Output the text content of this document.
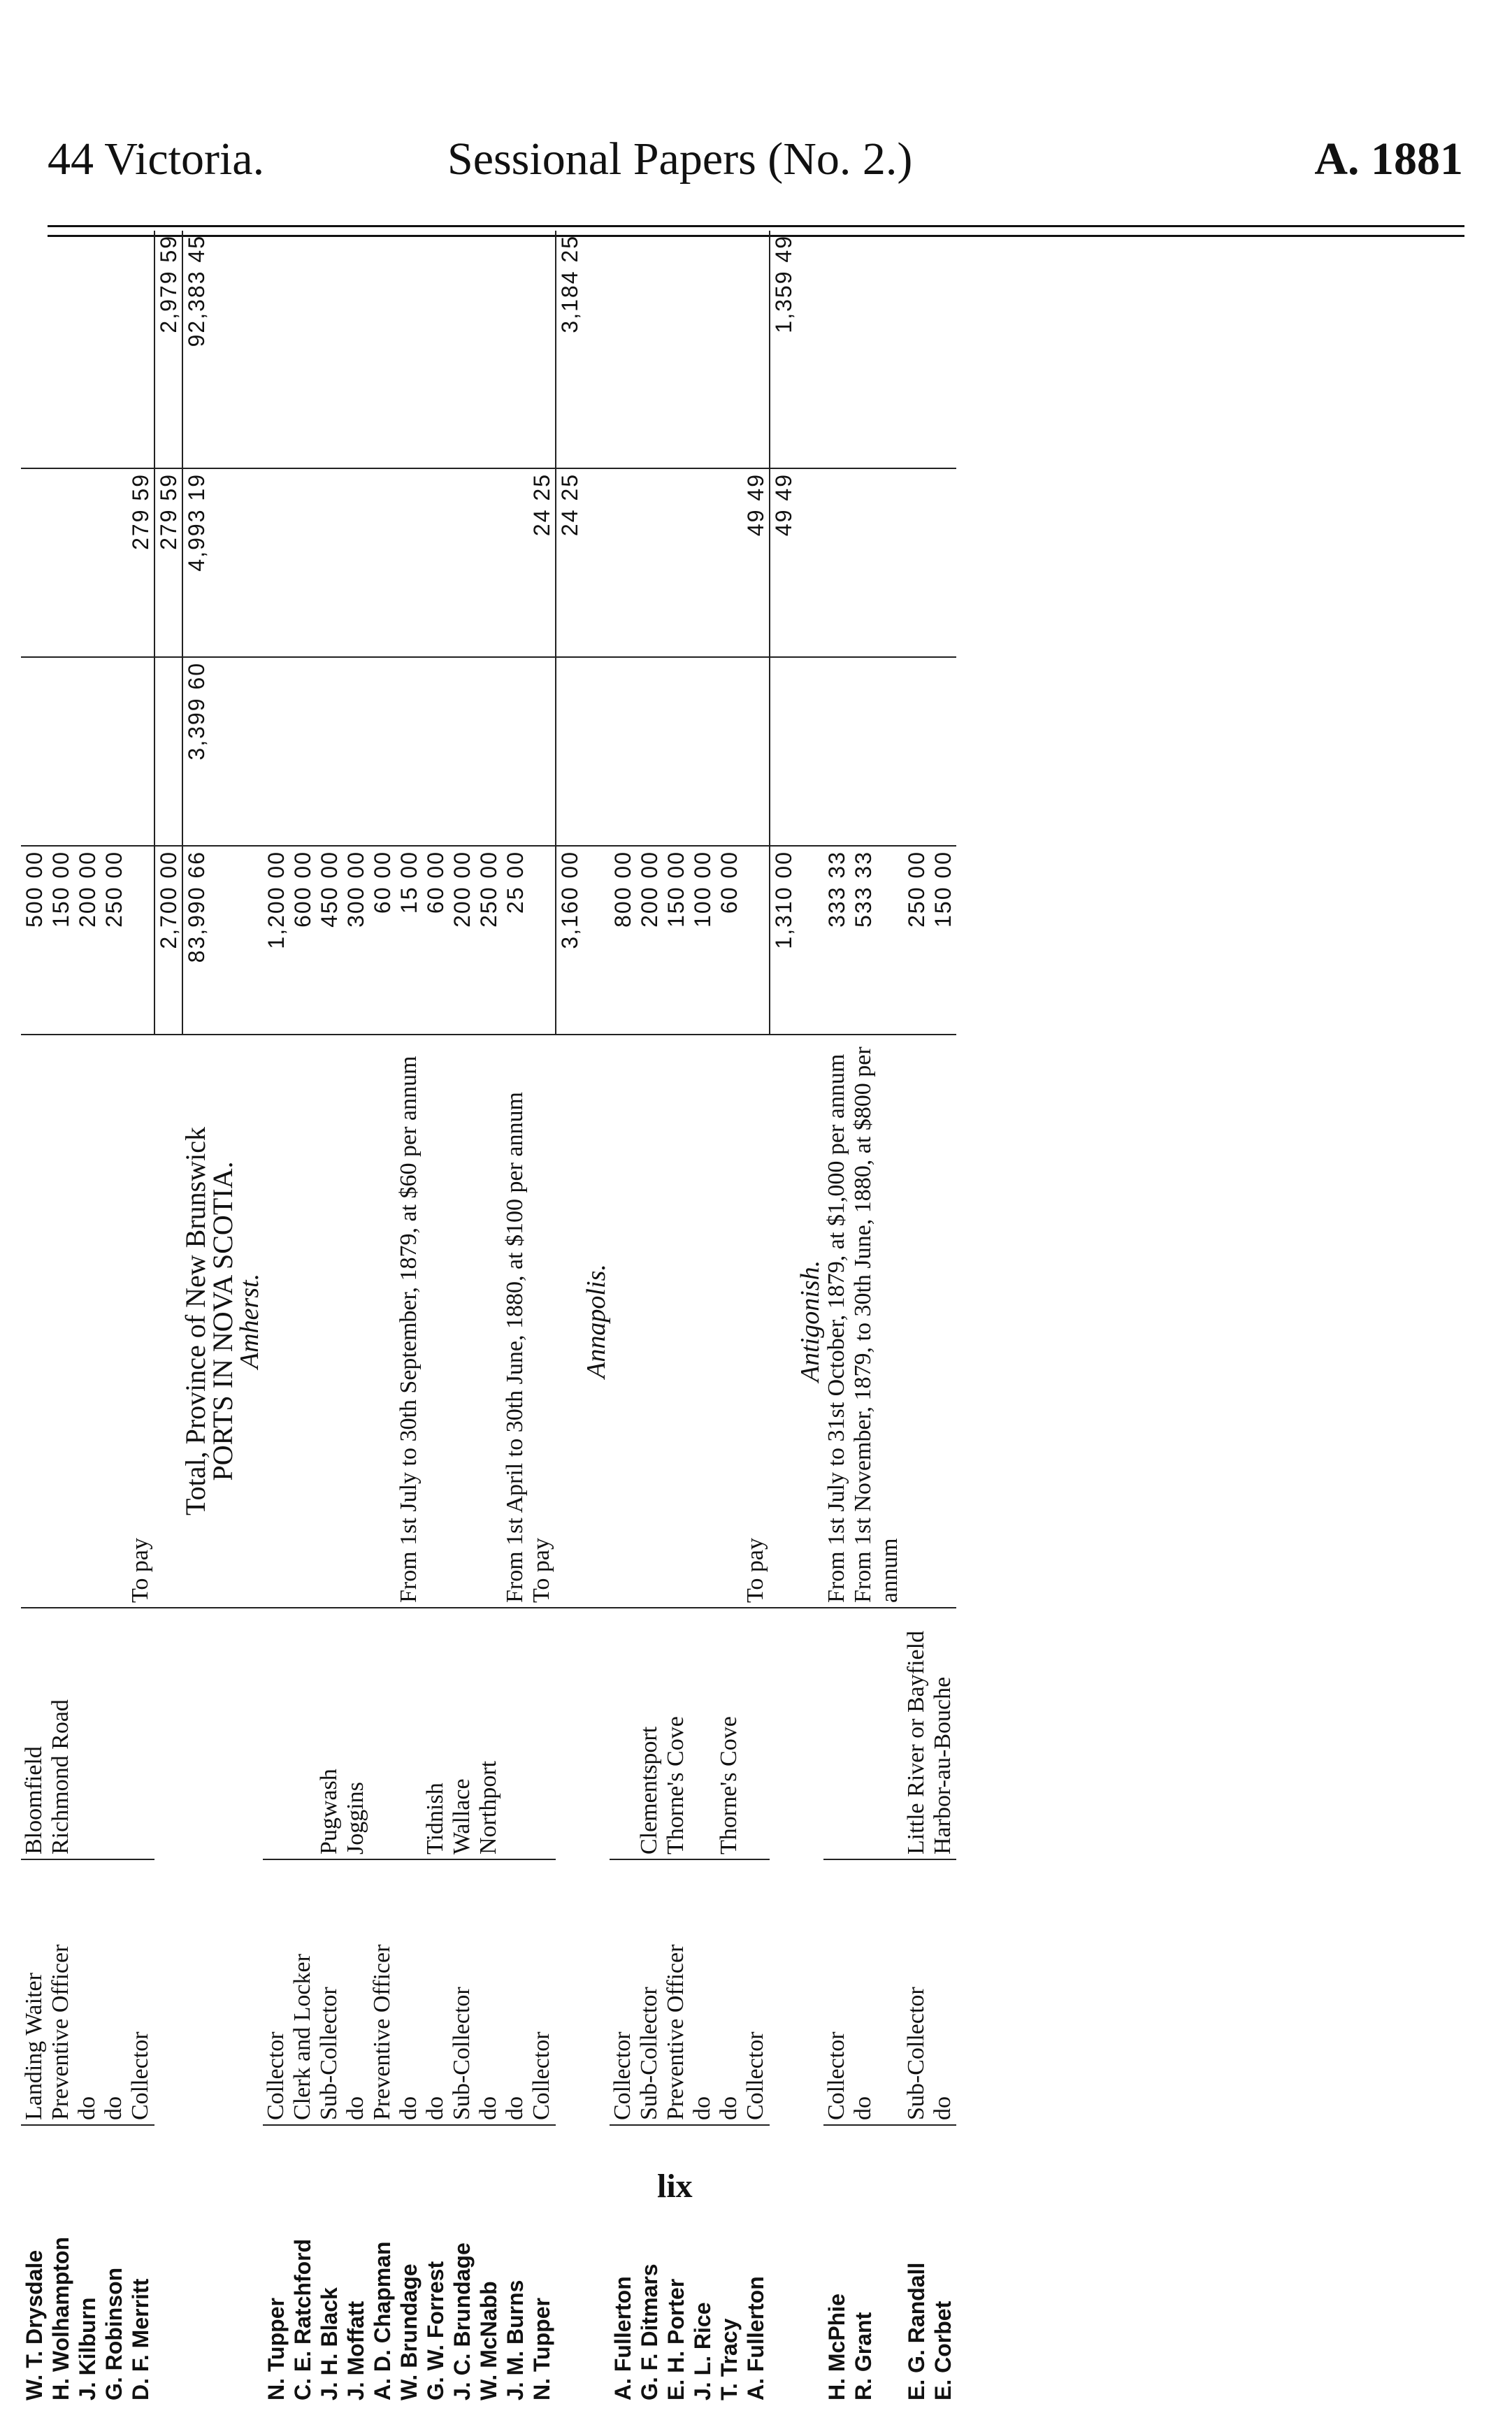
44 Victoria.	Sessional Papers (No. 2.)	A. 1881
W. T. Drysdale	Landing Waiter	Bloomfield		500 00			
H. Wolhampton	Preventive Officer	Richmond Road		150 00			
J. Kilburn	do			200 00			
G. Robinson	do			250 00			
D. F. Merritt	Collector		To pay			279 59	
				2,700 00		279 59	2,979 59
			Total, Province of New Brunswick	83,990 66	3,399 60	4,993 19	92,383 45
			PORTS IN NOVA SCOTIA.				
			Amherst.				
N. Tupper	Collector			1,200 00			
C. E. Ratchford	Clerk and Locker			600 00			
J. H. Black	Sub-Collector	Pugwash		450 00			
J. Moffatt	do	Joggins		300 00			
A. D. Chapman	Preventive Officer			60 00			
W. Brundage	do		From 1st July to 30th September, 1879, at $60 per annum	15 00			
G. W. Forrest	do	Tidnish		60 00			
J. C. Brundage	Sub-Collector	Wallace		200 00			
W. McNabb	do	Northport		250 00			
J. M. Burns	do		From 1st April to 30th June, 1880, at $100 per annum	25 00			
N. Tupper	Collector		To pay			24 25	
				3,160 00		24 25	3,184 25
			Annapolis.				
A. Fullerton	Collector			800 00			
G. F. Ditmars	Sub-Collector	Clementsport		200 00			
E. H. Porter	Preventive Officer	Thorne's Cove		150 00			
J. L. Rice	do			100 00			
T. Tracy	do	Thorne's Cove		60 00			
A. Fullerton	Collector		To pay			49 49	
				1,310 00		49 49	1,359 49
			Antigonish.				
H. McPhie	Collector		From 1st July to 31st October, 1879, at $1,000 per annum	333 33			
R. Grant	do		From 1st November, 1879, to 30th June, 1880, at $800 per annum	533 33			
E. G. Randall	Sub-Collector	Little River or Bayfield		250 00			
E. Corbet	do	Harbor-au-Bouche		150 00			
lix
